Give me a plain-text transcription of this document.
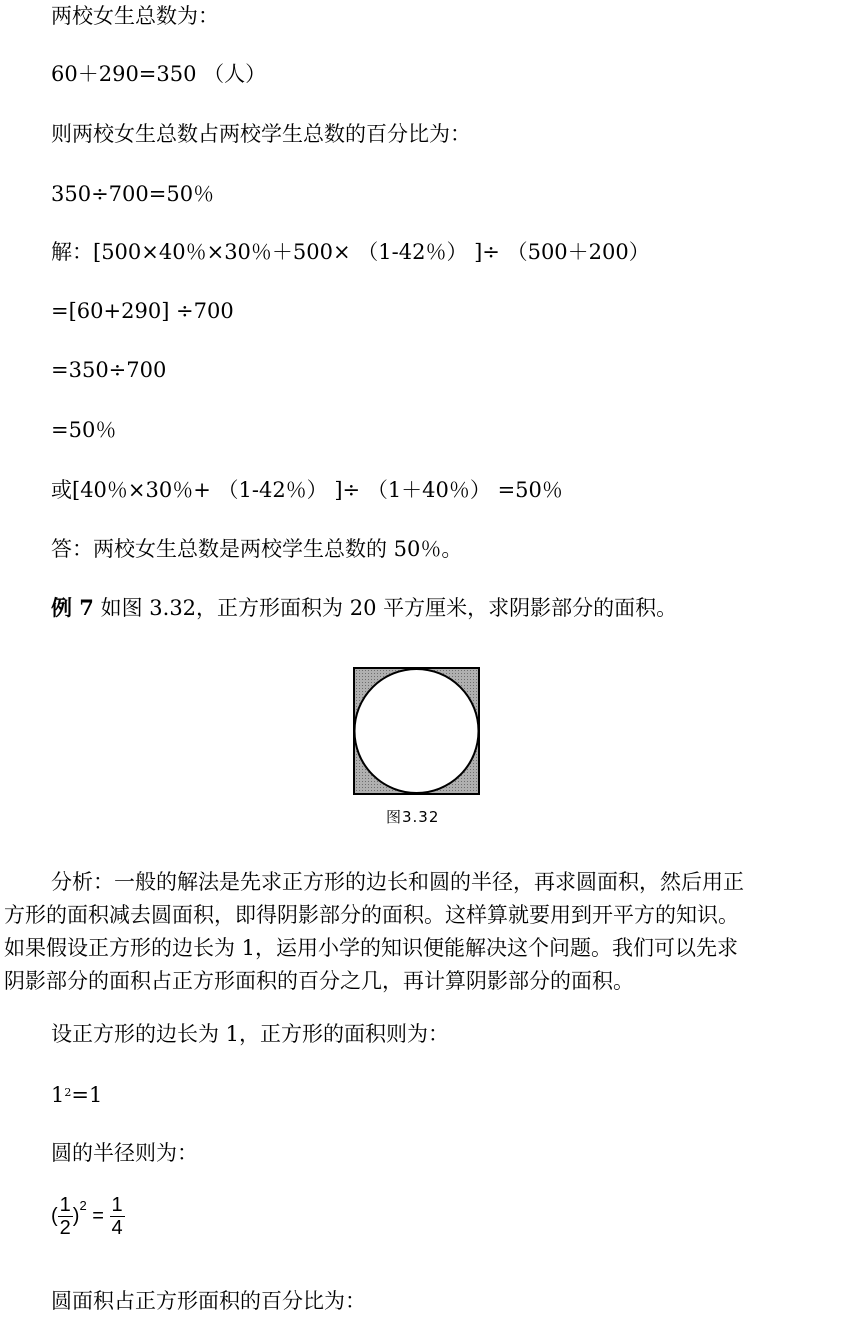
两校女生总数为：
60＋290=350 （人）
则两校女生总数占两校学生总数的百分比为：
350÷700=50％
解：[500×40％×30％＋500× （1-42％） ]÷ （500＋200）
=[60+290] ÷700
=350÷700
=50％
或[40％×30％+ （1-42％） ]÷ （1＋40％） =50％
答：两校女生总数是两校学生总数的 50％。
例 7 如图 3.32，正方形面积为 20 平方厘米，求阴影部分的面积。
图3.32
分析：一般的解法是先求正方形的边长和圆的半径，再求圆面积，然后用正
方形的面积减去圆面积，即得阴影部分的面积。这样算就要用到开平方的知识。
如果假设正方形的边长为 1，运用小学的知识便能解决这个问题。我们可以先求
阴影部分的面积占正方形面积的百分之几，再计算阴影部分的面积。
设正方形的边长为 1，正方形的面积则为：
$1^2=1$
圆的半径则为：
( $\frac{1}{2} )^2 = \frac{1}{4}$
圆面积占正方形面积的百分比为：
